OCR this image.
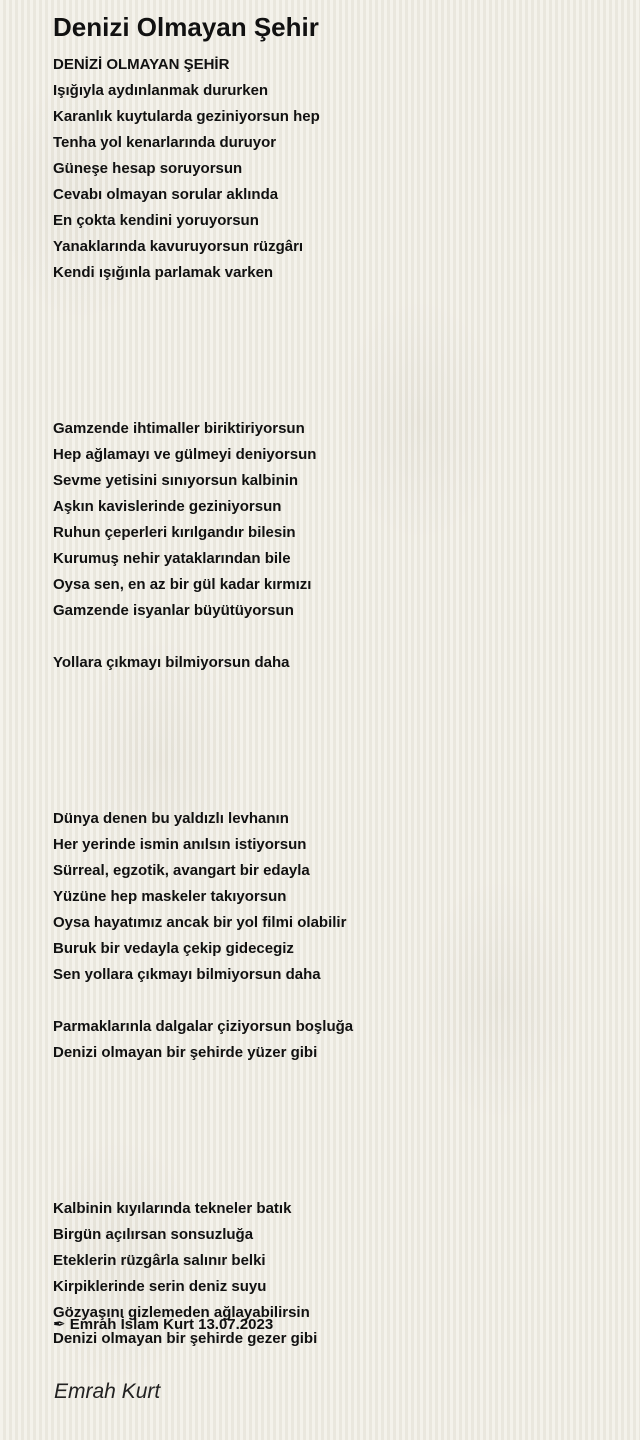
Denizi Olmayan Şehir
DENİZİ OLMAYAN ŞEHİR
Işığıyla aydınlanmak dururken
Karanlık kuytularda geziniyorsun hep
Tenha yol kenarlarında duruyor
Güneşe hesap soruyorsun
Cevabı olmayan sorular aklında
En çokta kendini yoruyorsun
Yanaklarında kavuruyorsun rüzgârı
Kendi ışığınla parlamak varken
Gamzende ihtimaller biriktiriyorsun
Hep ağlamayı ve gülmeyi deniyorsun
Sevme yetisini sınıyorsun kalbinin
Aşkın kavislerinde geziniyorsun
Ruhun çeperleri kırılgandır bilesin
Kurumuş nehir yataklarından bile
Oysa sen, en az bir gül kadar kırmızı
Gamzende isyanlar büyütüyorsun
Yollara çıkmayı bilmiyorsun daha
Dünya denen bu yaldızlı levhanın
Her yerinde ismin anılsın istiyorsun
Sürreal, egzotik, avangart bir edayla
Yüzüne hep maskeler takıyorsun
Oysa hayatımız ancak bir yol filmi olabilir
Buruk bir vedayla çekip gidecegiz
Sen yollara çıkmayı bilmiyorsun daha
Parmaklarınla dalgalar çiziyorsun boşluğa
Denizi olmayan bir şehirde yüzer gibi
Kalbinin kıyılarında tekneler batık
Birgün açılırsan sonsuzluğa
Eteklerin rüzgârla salınır belki
Kirpiklerinde serin deniz suyu
Gözyaşını gizlemeden ağlayabilirsin
Denizi olmayan bir şehirde gezer gibi
✒ Emrah İslam Kurt 13.07.2023
Emrah Kurt
